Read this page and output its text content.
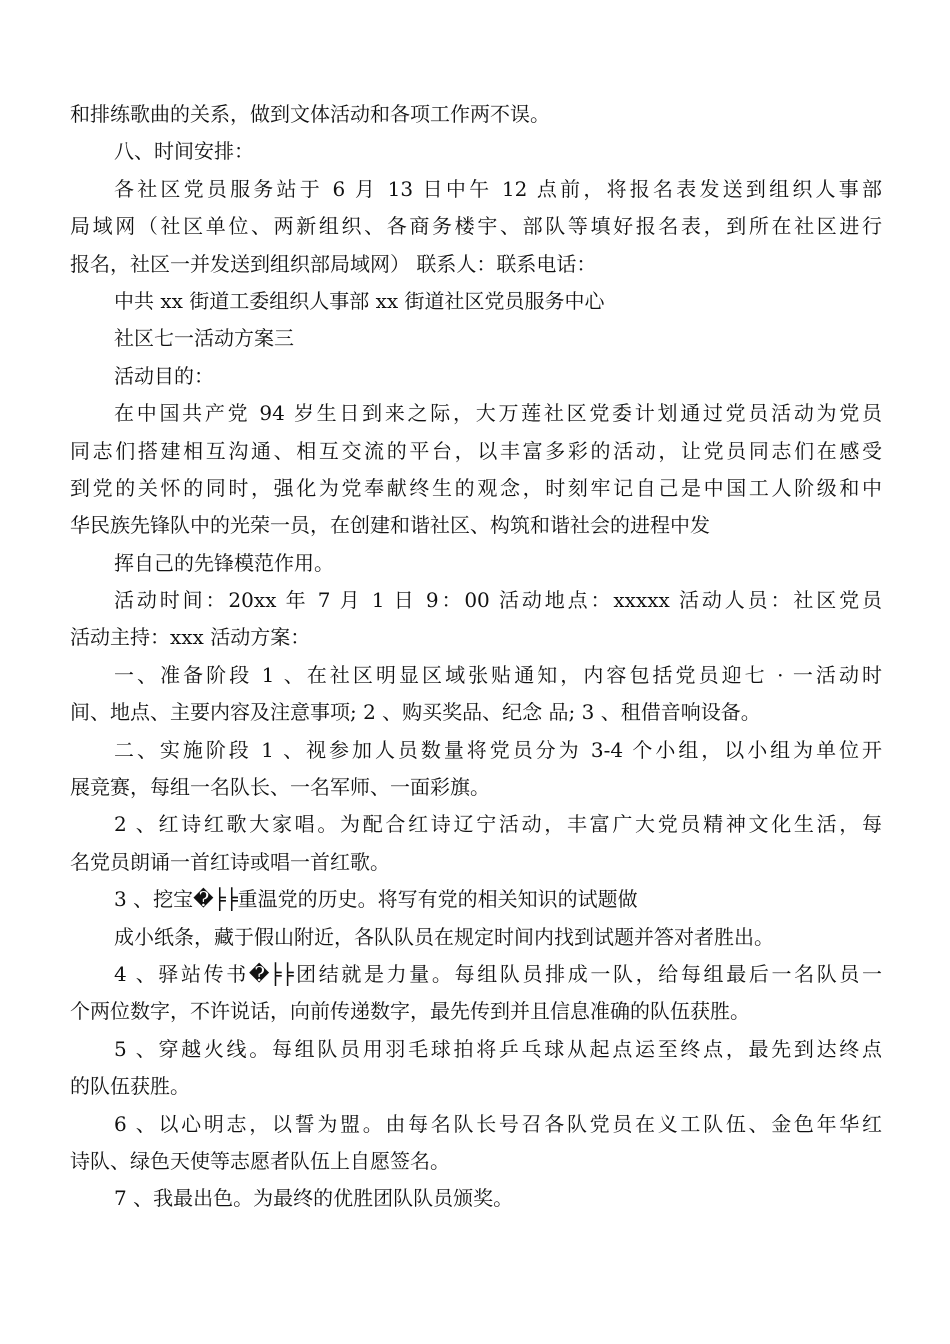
和排练歌曲的关系，做到文体活动和各项工作两不误。
八、时间安排：
各社区党员服务站于 6 月 13 日中午 12 点前，将报名表发送到组织人事部
局域网（社区单位、两新组织、各商务楼宇、部队等填好报名表，到所在社区进行
报名，社区一并发送到组织部局域网） 联系人：联系电话：
中共 xx 街道工委组织人事部 xx 街道社区党员服务中心
社区七一活动方案三
活动目的：
在中国共产党 94 岁生日到来之际，大万莲社区党委计划通过党员活动为党员
同志们搭建相互沟通、相互交流的平台，以丰富多彩的活动，让党员同志们在感受
到党的关怀的同时，强化为党奉献终生的观念，时刻牢记自己是中国工人阶级和中
华民族先锋队中的光荣一员，在创建和谐社区、构筑和谐社会的进程中发
挥自己的先锋模范作用。
活动时间：20xx 年 7 月 1 日 9：00 活动地点：xxxxx 活动人员：社区党员
活动主持：xxx 活动方案：
一、准备阶段 1 、在社区明显区域张贴通知，内容包括党员迎七 · 一活动时
间、地点、主要内容及注意事项; 2 、购买奖品、纪念 品; 3 、租借音响设备。
二、实施阶段 1 、视参加人员数量将党员分为 3-4 个小组，以小组为单位开
展竞赛，每组一名队长、一名军师、一面彩旗。
2 、红诗红歌大家唱。为配合红诗辽宁活动，丰富广大党员精神文化生活，每
名党员朗诵一首红诗或唱一首红歌。
3 、挖宝�╞╞重温党的历史。将写有党的相关知识的试题做
成小纸条，藏于假山附近，各队队员在规定时间内找到试题并答对者胜出。
4 、驿站传书�╞╞团结就是力量。每组队员排成一队，给每组最后一名队员一
个两位数字，不许说话，向前传递数字，最先传到并且信息准确的队伍获胜。
5 、穿越火线。每组队员用羽毛球拍将乒乓球从起点运至终点，最先到达终点
的队伍获胜。
6 、以心明志，以誓为盟。由每名队长号召各队党员在义工队伍、金色年华红
诗队、绿色天使等志愿者队伍上自愿签名。
7 、我最出色。为最终的优胜团队队员颁奖。
